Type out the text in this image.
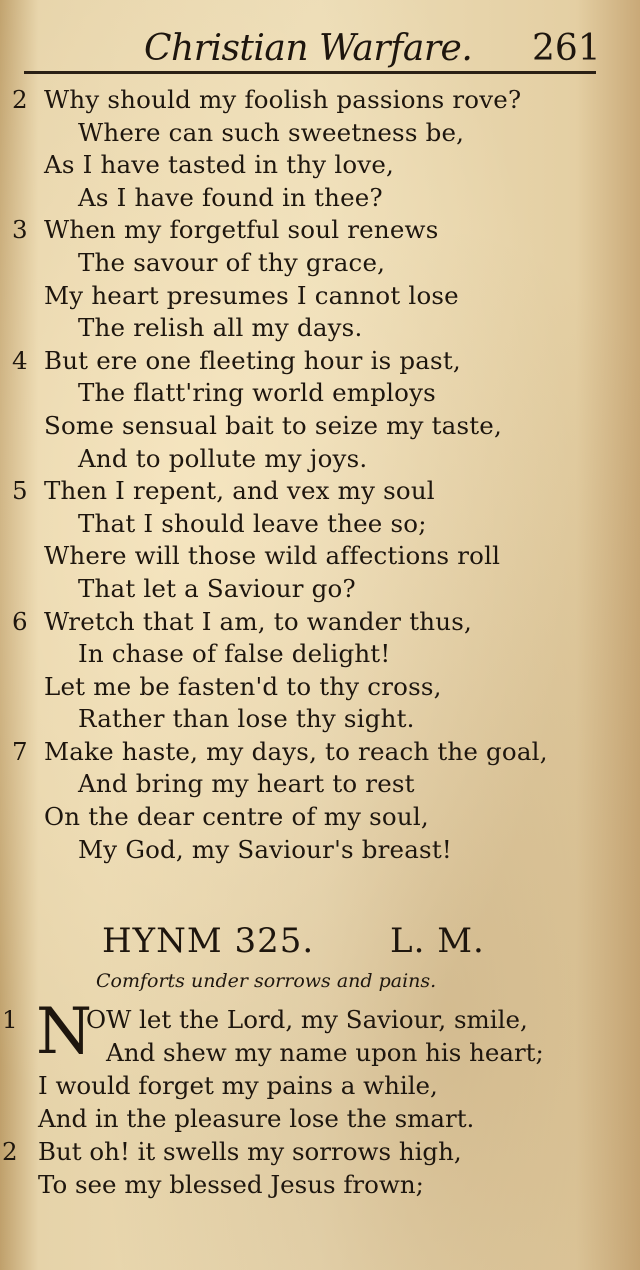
Christian Warfare. 261
2 Why should my foolish passions rove?
Where can such sweetness be,
As I have tasted in thy love,
As I have found in thee?
3 When my forgetful soul renews
The savour of thy grace,
My heart presumes I cannot lose
The relish all my days.
4 But ere one fleeting hour is past,
The flatt'ring world employs
Some sensual bait to seize my taste,
And to pollute my joys.
5 Then I repent, and vex my soul
That I should leave thee so;
Where will those wild affections roll
That let a Saviour go?
6 Wretch that I am, to wander thus,
In chase of false delight!
Let me be fasten'd to thy cross,
Rather than lose thy sight.
7 Make haste, my days, to reach the goal,
And bring my heart to rest
On the dear centre of my soul,
My God, my Saviour's breast!
HYNM 325. L. M.
Comforts under sorrows and pains.
N
1	OW let the Lord, my Saviour, smile,
And shew my name upon his heart;
I would forget my pains a while,
And in the pleasure lose the smart.
2 But oh! it swells my sorrows high,
To see my blessed Jesus frown;
